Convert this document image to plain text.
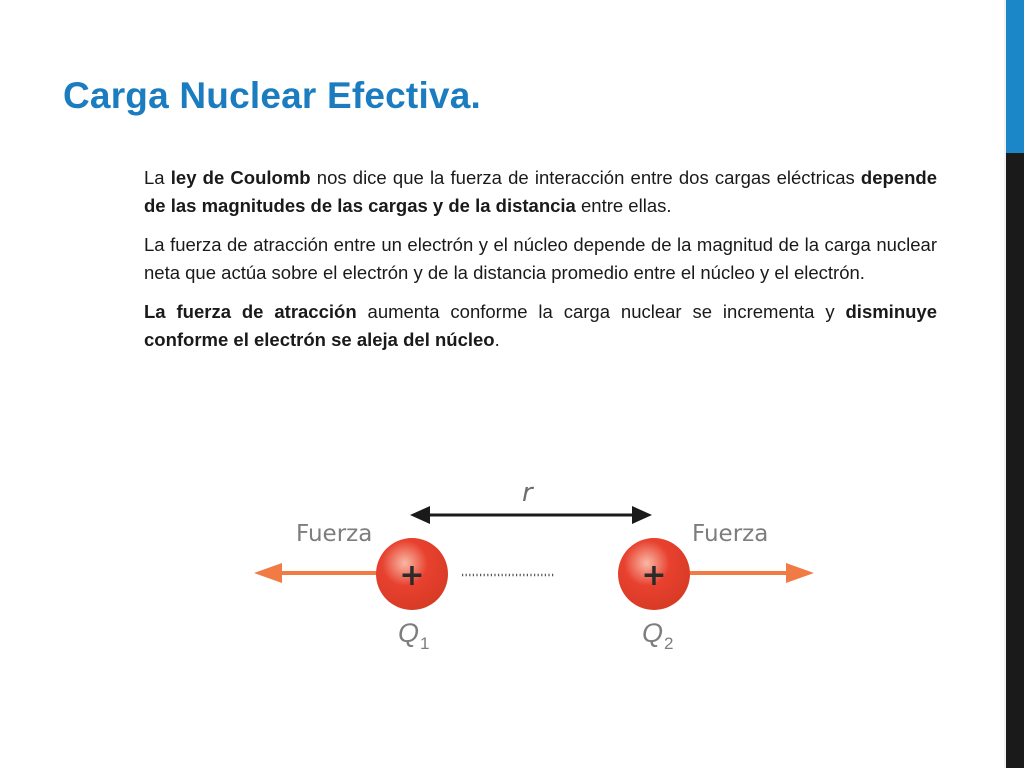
Carga Nuclear Efectiva.

La ley de Coulomb nos dice que la fuerza de interacción entre dos cargas eléctricas depende de las magnitudes de las cargas y de la distancia entre ellas.

La fuerza de atracción entre un electrón y el núcleo depende de la magnitud de la carga nuclear neta que actúa sobre el electrón y de la distancia promedio entre el núcleo y el electrón.

La fuerza de atracción aumenta conforme la carga nuclear se incrementa y disminuye conforme el electrón se aleja del núcleo.

+	+
r
Fuerza	Fuerza
$Q_1$	$Q_2$
